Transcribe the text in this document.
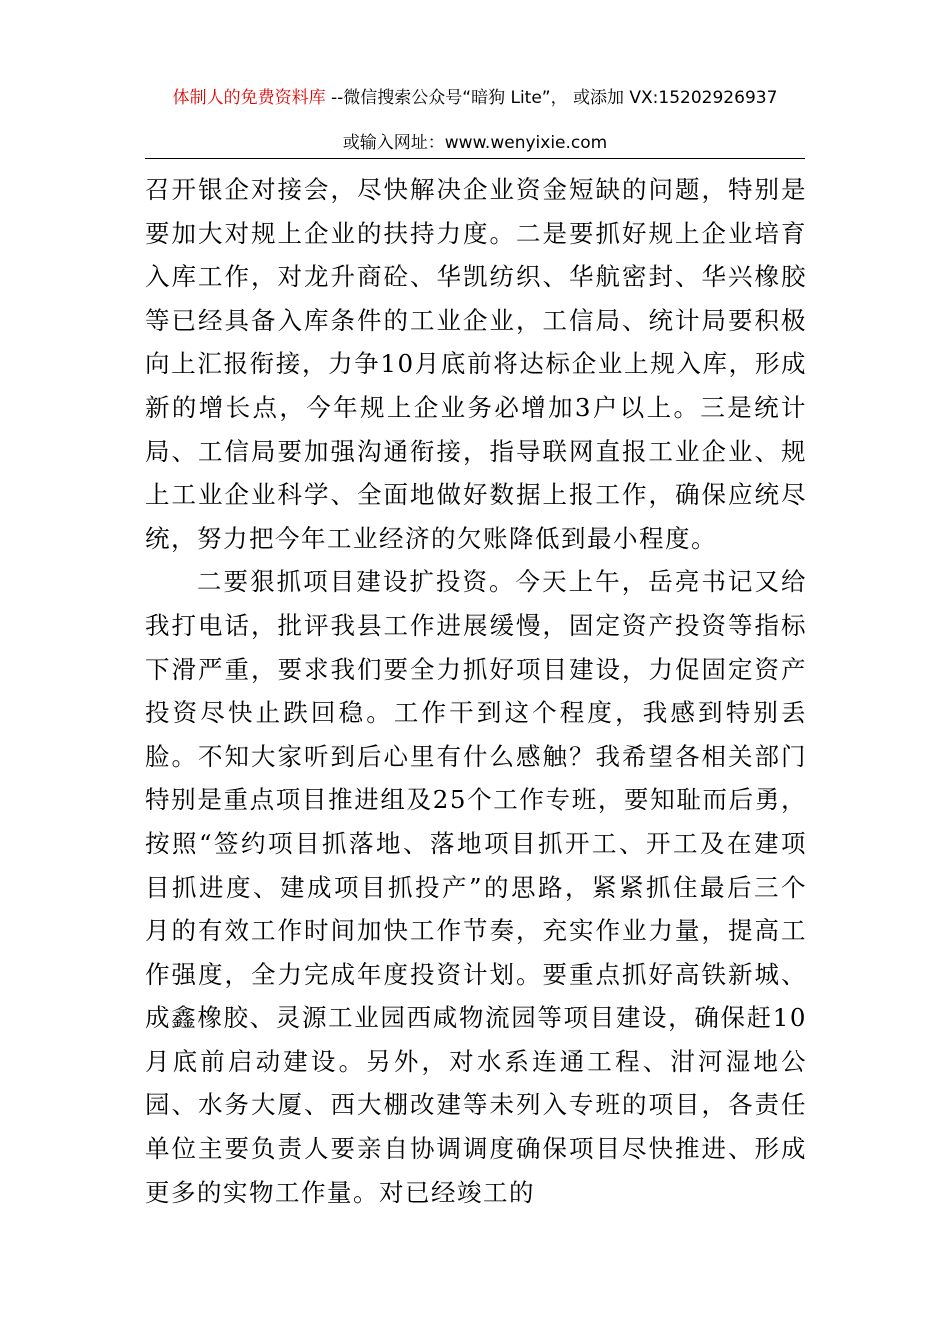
体制人的免费资料库 --微信搜索公众号“暗狗 Lite”， 或添加 VX:15202926937
或输入网址：www.wenyixie.com

召开银企对接会，尽快解决企业资金短缺的问题，特别是要加大对规上企业的扶持力度。二是要抓好规上企业培育入库工作，对龙升商砼、华凯纺织、华航密封、华兴橡胶等已经具备入库条件的工业企业，工信局、统计局要积极向上汇报衔接，力争10月底前将达标企业上规入库，形成新的增长点，今年规上企业务必增加3户以上。三是统计局、工信局要加强沟通衔接，指导联网直报工业企业、规上工业企业科学、全面地做好数据上报工作，确保应统尽统，努力把今年工业经济的欠账降低到最小程度。

二要狠抓项目建设扩投资。今天上午，岳亮书记又给我打电话，批评我县工作进展缓慢，固定资产投资等指标下滑严重，要求我们要全力抓好项目建设，力促固定资产投资尽快止跌回稳。工作干到这个程度，我感到特别丢脸。不知大家听到后心里有什么感触？我希望各相关部门特别是重点项目推进组及25个工作专班，要知耻而后勇，按照“签约项目抓落地、落地项目抓开工、开工及在建项目抓进度、建成项目抓投产”的思路，紧紧抓住最后三个月的有效工作时间加快工作节奏，充实作业力量，提高工作强度，全力完成年度投资计划。要重点抓好高铁新城、成鑫橡胶、灵源工业园西咸物流园等项目建设，确保赶10月底前启动建设。另外，对水系连通工程、泔河湿地公园、水务大厦、西大棚改建等未列入专班的项目，各责任单位主要负责人要亲自协调调度确保项目尽快推进、形成更多的实物工作量。对已经竣工的
